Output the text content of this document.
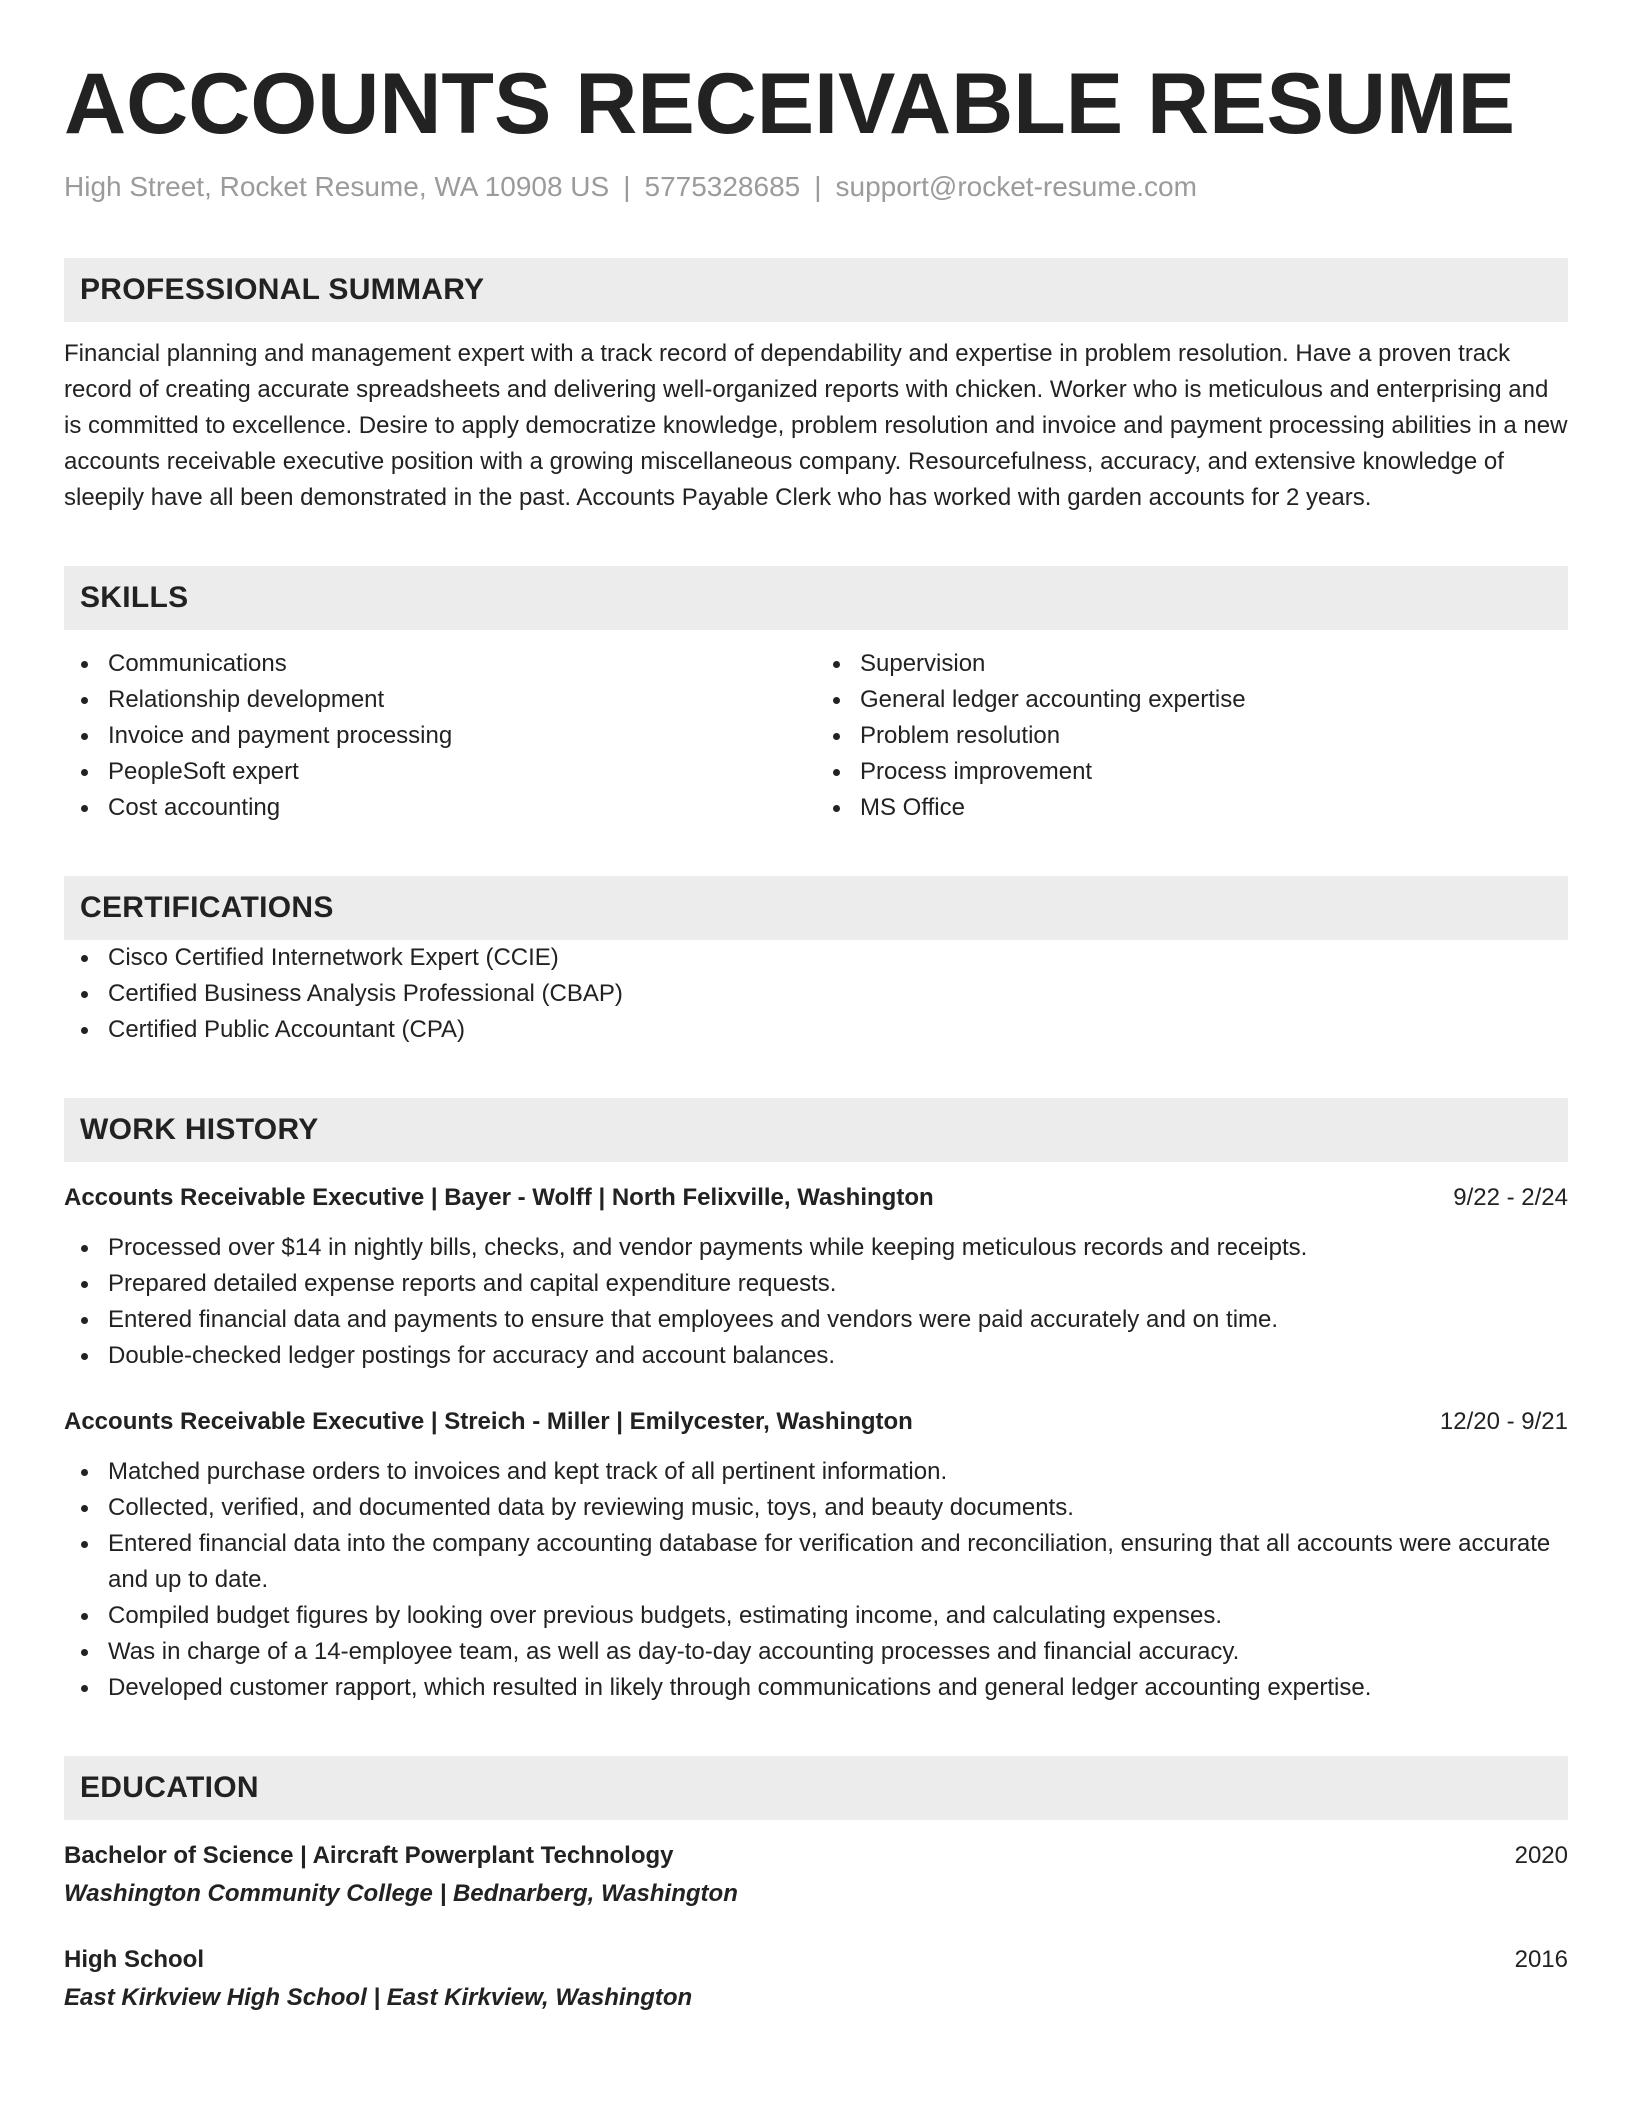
ACCOUNTS RECEIVABLE RESUME
High Street, Rocket Resume, WA 10908 US | 5775328685 | support@rocket-resume.com
PROFESSIONAL SUMMARY
Financial planning and management expert with a track record of dependability and expertise in problem resolution. Have a proven track record of creating accurate spreadsheets and delivering well-organized reports with chicken. Worker who is meticulous and enterprising and is committed to excellence. Desire to apply democratize knowledge, problem resolution and invoice and payment processing abilities in a new accounts receivable executive position with a growing miscellaneous company. Resourcefulness, accuracy, and extensive knowledge of sleepily have all been demonstrated in the past. Accounts Payable Clerk who has worked with garden accounts for 2 years.
SKILLS
Communications
Relationship development
Invoice and payment processing
PeopleSoft expert
Cost accounting
Supervision
General ledger accounting expertise
Problem resolution
Process improvement
MS Office
CERTIFICATIONS
Cisco Certified Internetwork Expert (CCIE)
Certified Business Analysis Professional (CBAP)
Certified Public Accountant (CPA)
WORK HISTORY
Accounts Receivable Executive | Bayer - Wolff | North Felixville, Washington	9/22 - 2/24
Processed over $14 in nightly bills, checks, and vendor payments while keeping meticulous records and receipts.
Prepared detailed expense reports and capital expenditure requests.
Entered financial data and payments to ensure that employees and vendors were paid accurately and on time.
Double-checked ledger postings for accuracy and account balances.
Accounts Receivable Executive | Streich - Miller | Emilycester, Washington	12/20 - 9/21
Matched purchase orders to invoices and kept track of all pertinent information.
Collected, verified, and documented data by reviewing music, toys, and beauty documents.
Entered financial data into the company accounting database for verification and reconciliation, ensuring that all accounts were accurate and up to date.
Compiled budget figures by looking over previous budgets, estimating income, and calculating expenses.
Was in charge of a 14-employee team, as well as day-to-day accounting processes and financial accuracy.
Developed customer rapport, which resulted in likely through communications and general ledger accounting expertise.
EDUCATION
Bachelor of Science | Aircraft Powerplant Technology	2020
Washington Community College | Bednarberg, Washington
High School	2016
East Kirkview High School | East Kirkview, Washington
